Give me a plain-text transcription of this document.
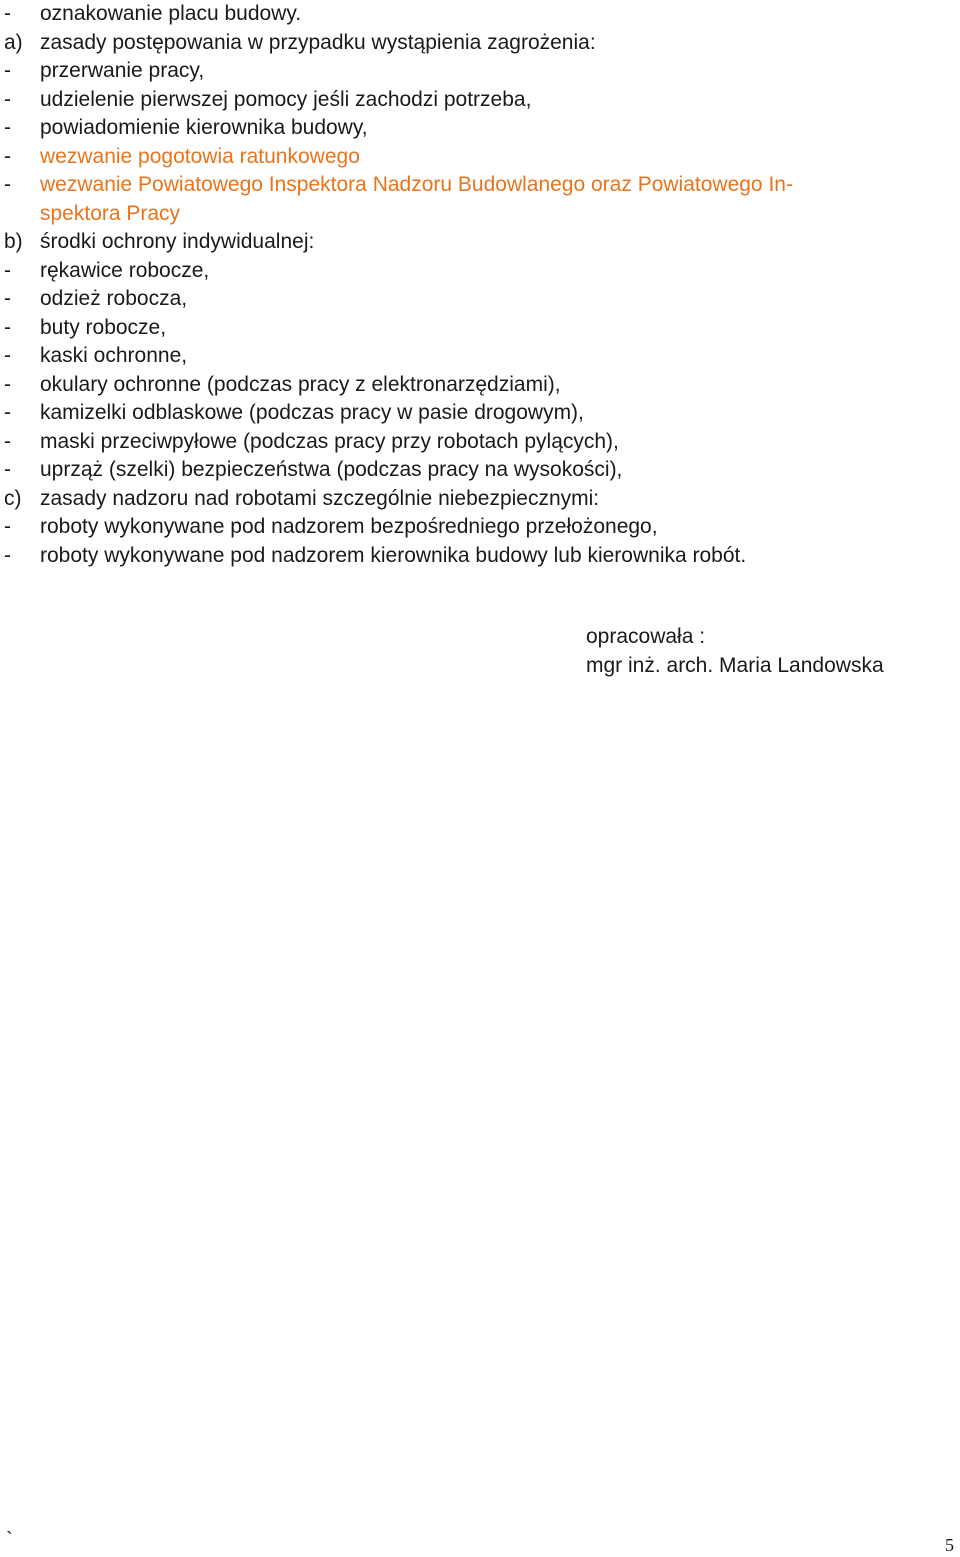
-	oznakowanie placu budowy.
a) zasady postępowania w przypadku wystąpienia zagrożenia:
-	przerwanie pracy,
-	udzielenie pierwszej pomocy jeśli zachodzi potrzeba,
-	powiadomienie kierownika budowy,
-	wezwanie pogotowia ratunkowego
-	wezwanie Powiatowego Inspektora Nadzoru Budowlanego oraz Powiatowego In-
spektora Pracy
b) środki ochrony indywidualnej:
-	rękawice robocze,
-	odzież robocza,
-	buty robocze,
-	kaski ochronne,
-	okulary ochronne (podczas pracy z elektronarzędziami),
-	kamizelki odblaskowe (podczas pracy w pasie drogowym),
-	maski przeciwpyłowe (podczas pracy przy robotach pylących),
-	uprząż (szelki) bezpieczeństwa (podczas pracy na wysokości),
c) zasady nadzoru nad robotami szczególnie niebezpiecznymi:
-	roboty wykonywane pod nadzorem bezpośredniego przełożonego,
-	roboty wykonywane pod nadzorem kierownika budowy lub kierownika robót.
opracowała :
mgr inż. arch. Maria Landowska
`	5
